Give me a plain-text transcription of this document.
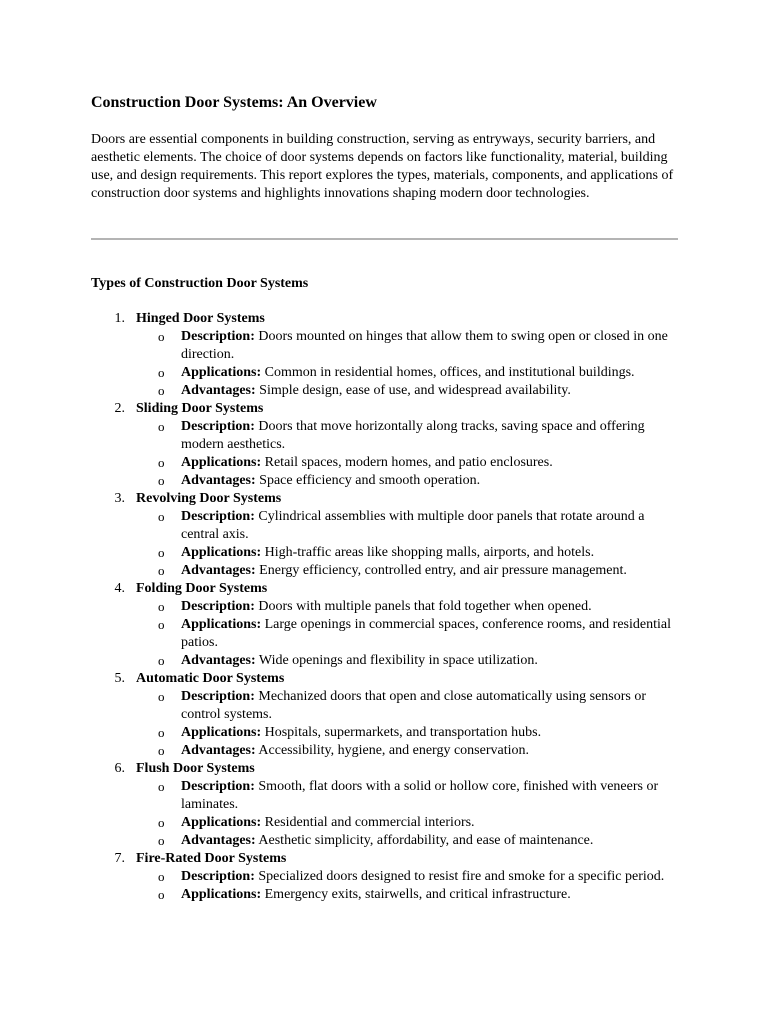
Construction Door Systems: An Overview

Doors are essential components in building construction, serving as entryways, security barriers, and aesthetic elements. The choice of door systems depends on factors like functionality, material, building use, and design requirements. This report explores the types, materials, components, and applications of construction door systems and highlights innovations shaping modern door technologies.

Types of Construction Door Systems
1. Hinged Door Systems
o Description: Doors mounted on hinges that allow them to swing open or closed in one direction.
o Applications: Common in residential homes, offices, and institutional buildings.
o Advantages: Simple design, ease of use, and widespread availability.
2. Sliding Door Systems
o Description: Doors that move horizontally along tracks, saving space and offering modern aesthetics.
o Applications: Retail spaces, modern homes, and patio enclosures.
o Advantages: Space efficiency and smooth operation.
3. Revolving Door Systems
o Description: Cylindrical assemblies with multiple door panels that rotate around a central axis.
o Applications: High-traffic areas like shopping malls, airports, and hotels.
o Advantages: Energy efficiency, controlled entry, and air pressure management.
4. Folding Door Systems
o Description: Doors with multiple panels that fold together when opened.
o Applications: Large openings in commercial spaces, conference rooms, and residential patios.
o Advantages: Wide openings and flexibility in space utilization.
5. Automatic Door Systems
o Description: Mechanized doors that open and close automatically using sensors or control systems.
o Applications: Hospitals, supermarkets, and transportation hubs.
o Advantages: Accessibility, hygiene, and energy conservation.
6. Flush Door Systems
o Description: Smooth, flat doors with a solid or hollow core, finished with veneers or laminates.
o Applications: Residential and commercial interiors.
o Advantages: Aesthetic simplicity, affordability, and ease of maintenance.
7. Fire-Rated Door Systems
o Description: Specialized doors designed to resist fire and smoke for a specific period.
o Applications: Emergency exits, stairwells, and critical infrastructure.
